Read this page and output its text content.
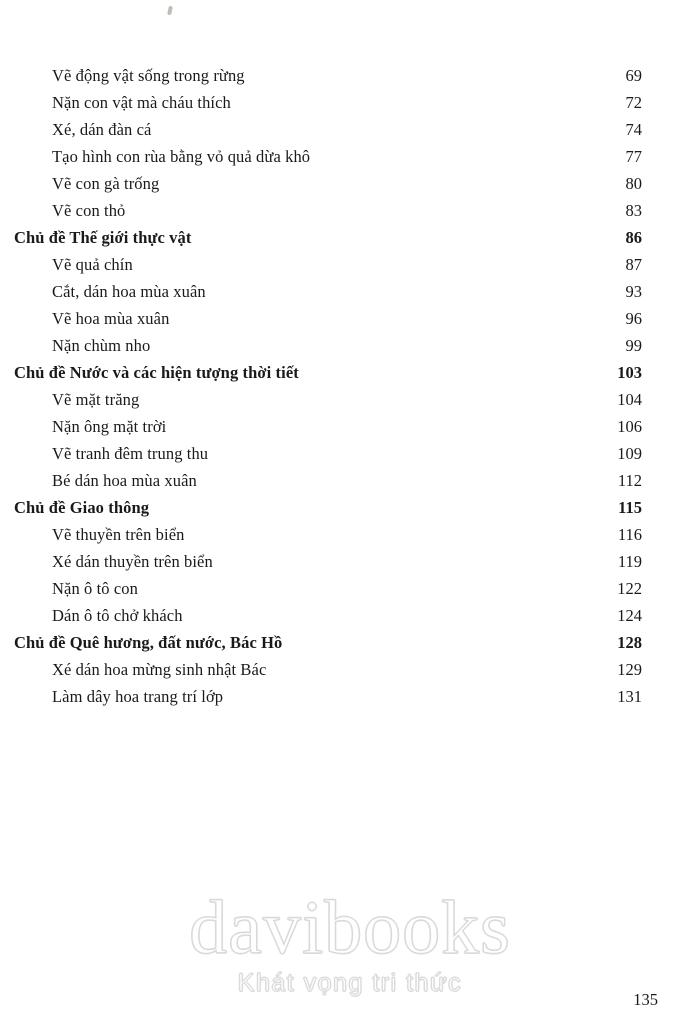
Vẽ động vật sống trong rừng	69
Nặn con vật mà cháu thích	72
Xé, dán đàn cá	74
Tạo hình con rùa bằng vỏ quả dừa khô	77
Vẽ con gà trống	80
Vẽ con thỏ	83
Chủ đề Thế giới thực vật	86
Vẽ quả chín	87
Cắt, dán hoa mùa xuân	93
Vẽ hoa mùa xuân	96
Nặn chùm nho	99
Chủ đề Nước và các hiện tượng thời tiết	103
Vẽ mặt trăng	104
Nặn ông mặt trời	106
Vẽ tranh đêm trung thu	109
Bé dán hoa mùa xuân	112
Chủ đề Giao thông	115
Vẽ thuyền trên biển	116
Xé dán thuyền trên biển	119
Nặn ô tô con	122
Dán ô tô chở khách	124
Chủ đề Quê hương, đất nước, Bác Hồ	128
Xé dán hoa mừng sinh nhật Bác	129
Làm dây hoa trang trí lớp	131
davibooks
Khát vọng tri thức
135
